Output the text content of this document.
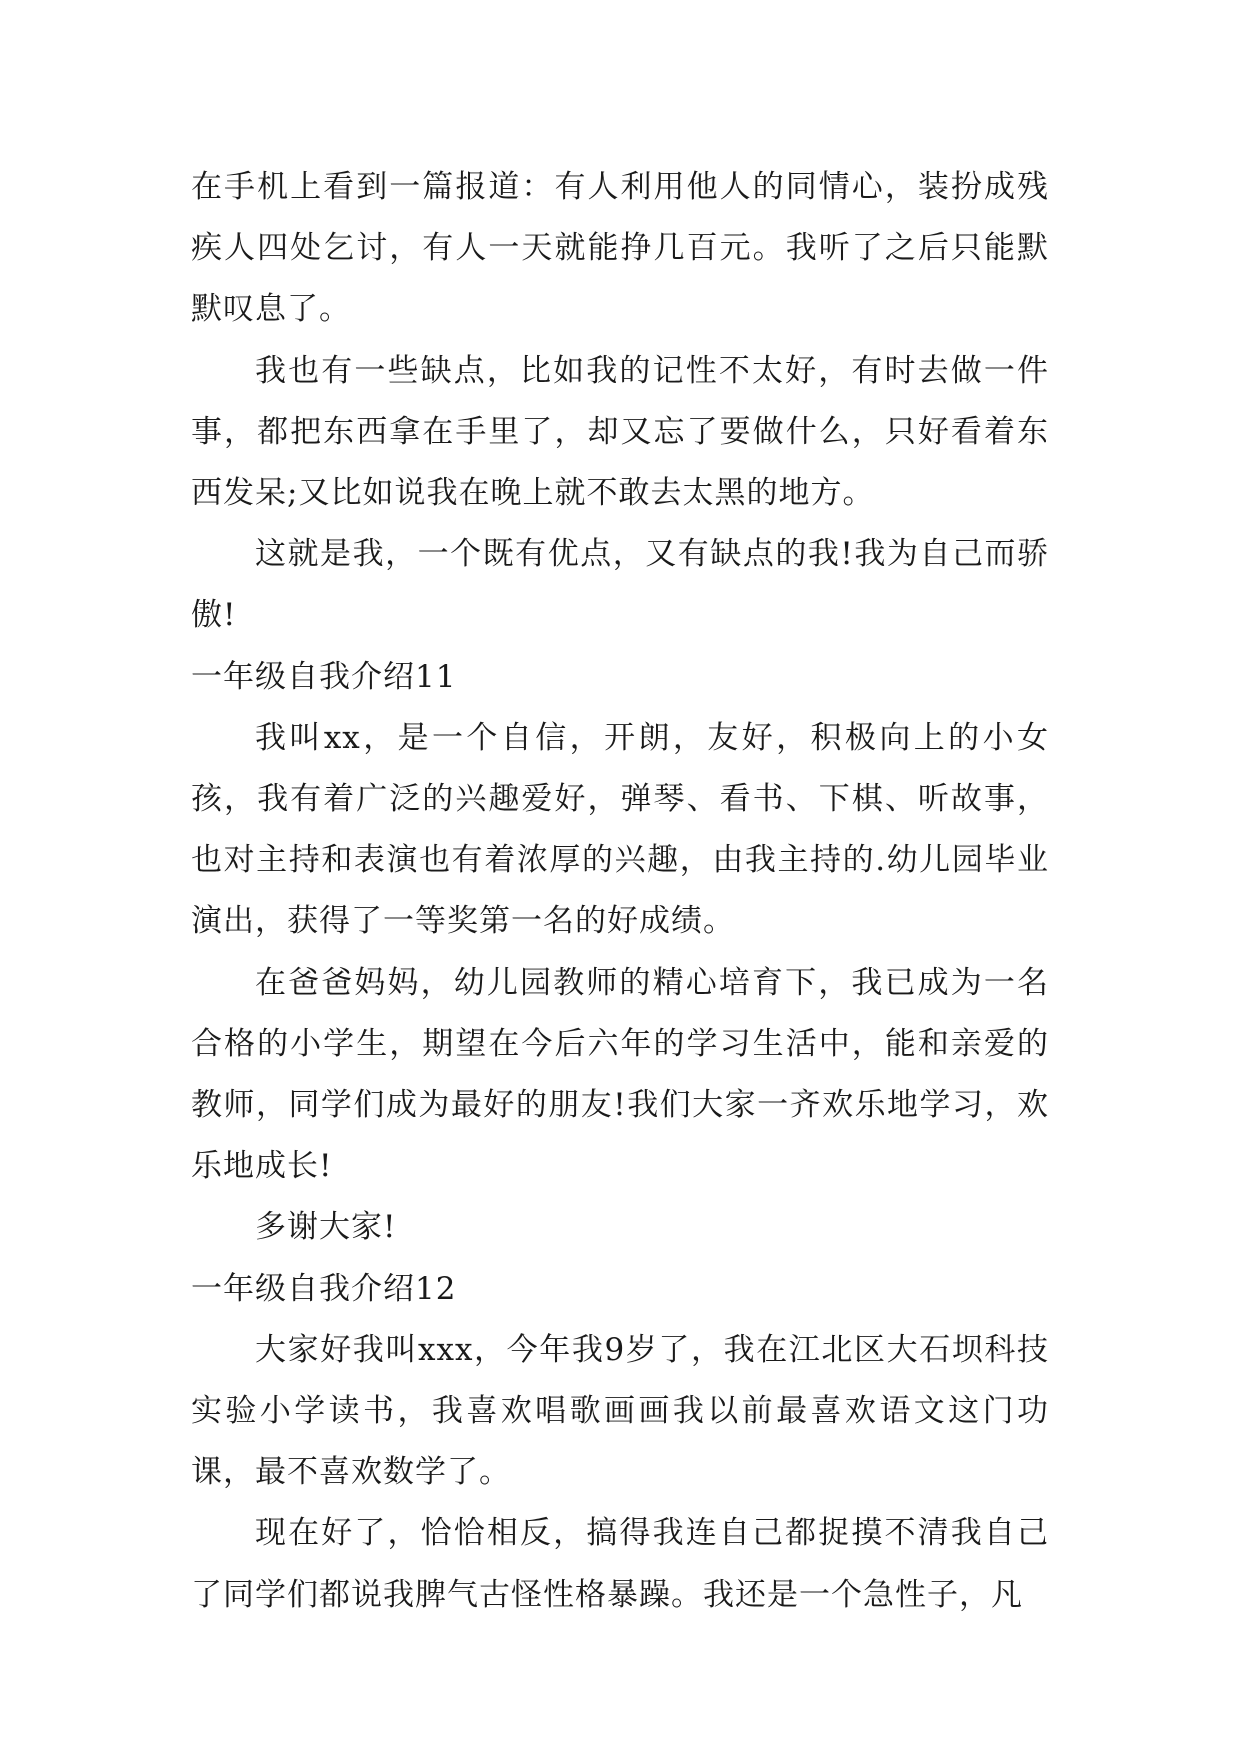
在手机上看到一篇报道：有人利用他人的同情心，装扮成残疾人四处乞讨，有人一天就能挣几百元。我听了之后只能默默叹息了。

我也有一些缺点，比如我的记性不太好，有时去做一件事，都把东西拿在手里了，却又忘了要做什么，只好看着东西发呆;又比如说我在晚上就不敢去太黑的地方。

这就是我，一个既有优点，又有缺点的我!我为自己而骄傲!

一年级自我介绍11

我叫xx，是一个自信，开朗，友好，积极向上的小女孩，我有着广泛的兴趣爱好，弹琴、看书、下棋、听故事，也对主持和表演也有着浓厚的兴趣，由我主持的.幼儿园毕业演出，获得了一等奖第一名的好成绩。

在爸爸妈妈，幼儿园教师的精心培育下，我已成为一名合格的小学生，期望在今后六年的学习生活中，能和亲爱的教师，同学们成为最好的朋友!我们大家一齐欢乐地学习，欢乐地成长!

多谢大家!

一年级自我介绍12

大家好我叫xxx，今年我9岁了，我在江北区大石坝科技实验小学读书，我喜欢唱歌画画我以前最喜欢语文这门功课，最不喜欢数学了。

现在好了，恰恰相反，搞得我连自己都捉摸不清我自己了同学们都说我脾气古怪性格暴躁。我还是一个急性子，凡
